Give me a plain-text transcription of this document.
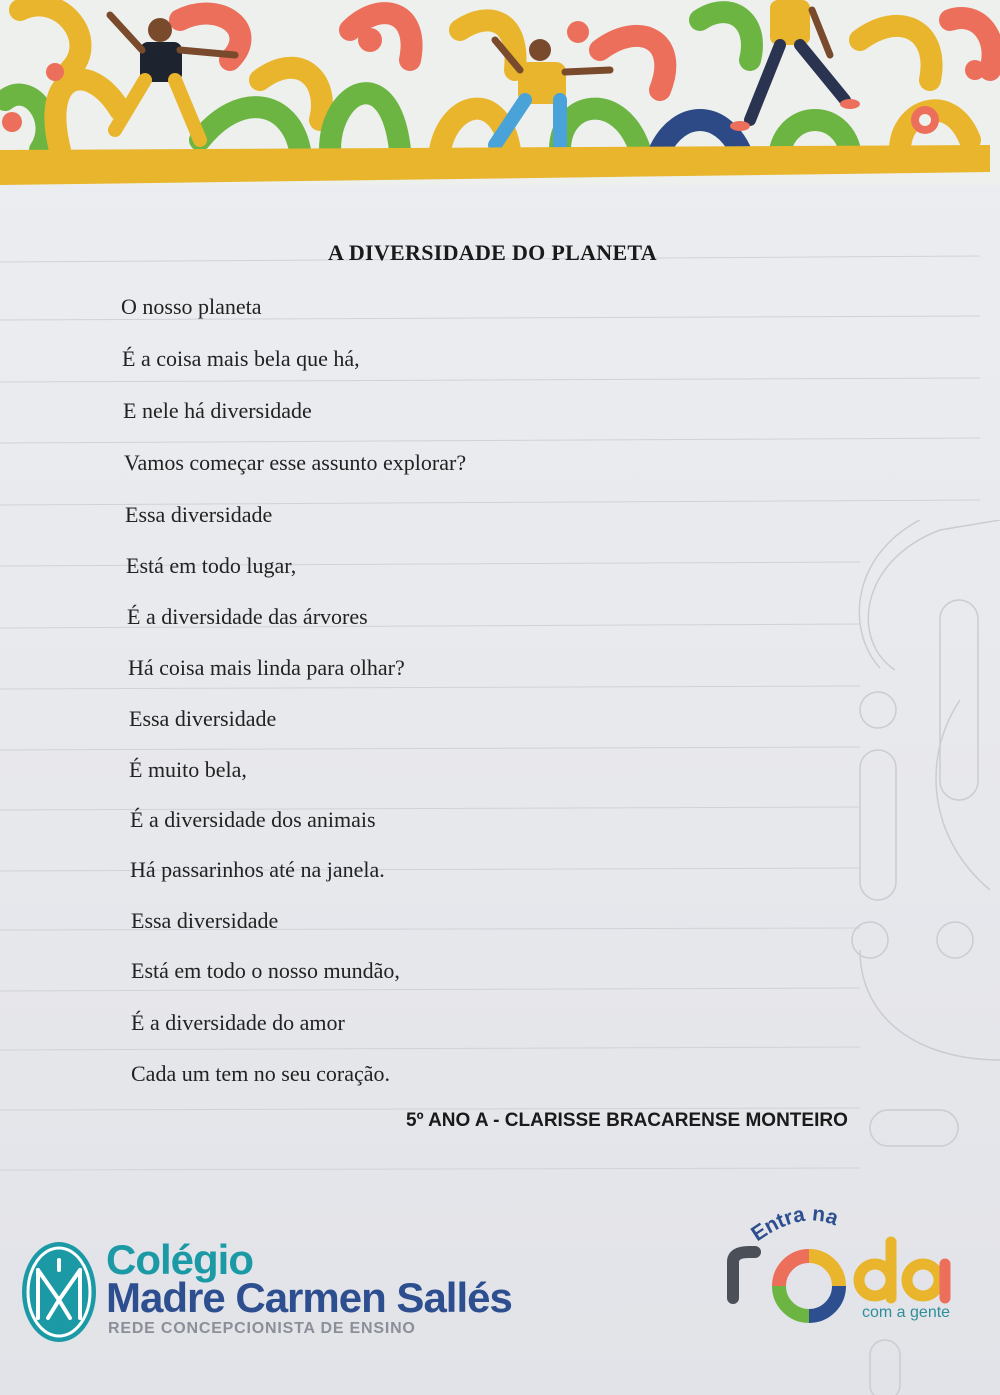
A DIVERSIDADE DO PLANETA
O nosso planeta
É a coisa mais bela que há,
E nele há diversidade
Vamos começar esse assunto explorar?
Essa diversidade
Está em todo lugar,
É a diversidade das árvores
Há coisa mais linda para olhar?
Essa diversidade
É muito bela,
É a diversidade dos animais
Há passarinhos até na janela.
Essa diversidade
Está em todo o nosso mundão,
É a diversidade do amor
Cada um tem no seu coração.
5º ANO A - CLARISSE BRACARENSE MONTEIRO
Colégio
Madre Carmen Sallés
REDE CONCEPCIONISTA DE ENSINO
Entra na
com a gente
